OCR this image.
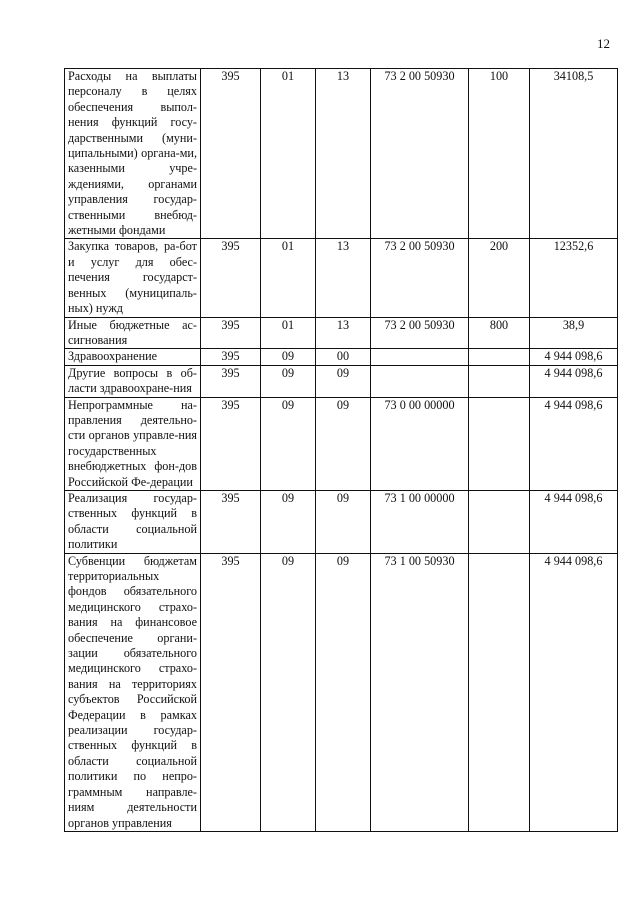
12
Расходы на выплаты персоналу в целях обеспечения выпол-нения функций госу-дарственными (муни-ципальными) органа-ми, казенными учре-ждениями, органами управления государ-ственными внебюд-жетными фондами	395	01	13	73 2 00 50930	100	34108,5
Закупка товаров, ра-бот и услуг для обес-печения государст-венных (муниципаль-ных) нужд	395	01	13	73 2 00 50930	200	12352,6
Иные бюджетные ас-сигнования	395	01	13	73 2 00 50930	800	38,9
Здравоохранение	395	09	00			4 944 098,6
Другие вопросы в об-ласти здравоохране-ния	395	09	09			4 944 098,6
Непрограммные на-правления деятельно-сти органов управле-ния государственных внебюджетных фон-дов Российской Фе-дерации	395	09	09	73 0 00 00000		4 944 098,6
Реализация государ-ственных функций в области социальной политики	395	09	09	73 1 00 00000		4 944 098,6
Субвенции бюджетам территориальных фондов обязательного медицинского страхо-вания на финансовое обеспечение органи-зации обязательного медицинского страхо-вания на территориях субъектов Российской Федерации в рамках реализации государ-ственных функций в области социальной политики по непро-граммным направле-ниям деятельности органов управления	395	09	09	73 1 00 50930		4 944 098,6
